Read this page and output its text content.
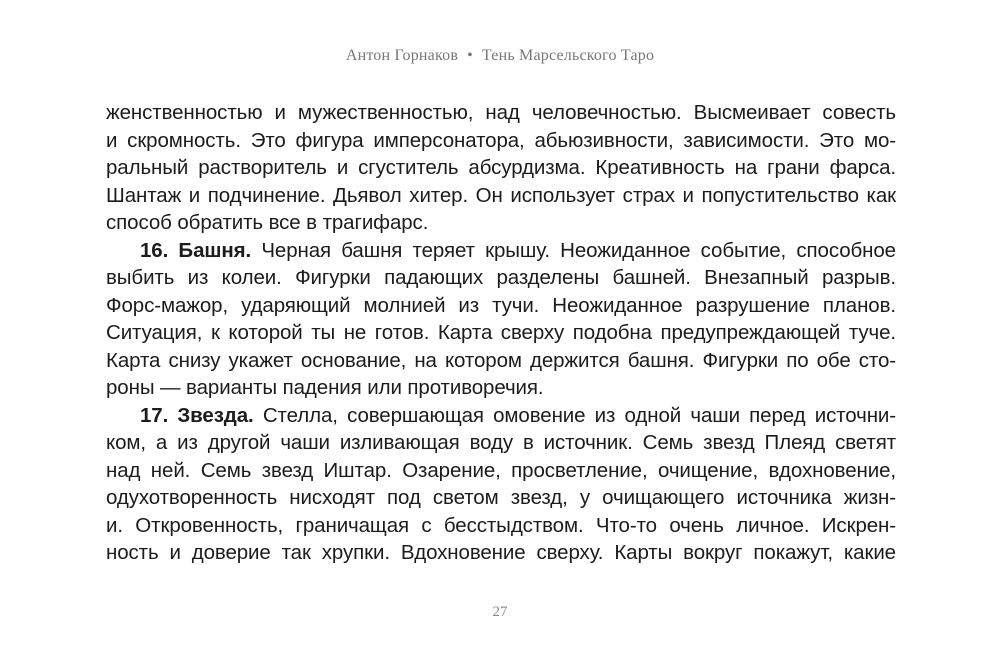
Антон Горнаков • Тень Марсельского Таро
женственностью и мужественностью, над человечностью. Высмеивает совесть
и скромность. Это фигура имперсонатора, абьюзивности, зависимости. Это мо-
ральный растворитель и сгуститель абсурдизма. Креативность на грани фарса.
Шантаж и подчинение. Дьявол хитер. Он использует страх и попустительство как
способ обратить все в трагифарс.
16. Башня. Черная башня теряет крышу. Неожиданное событие, способное
выбить из колеи. Фигурки падающих разделены башней. Внезапный разрыв.
Форс-мажор, ударяющий молнией из тучи. Неожиданное разрушение планов.
Ситуация, к которой ты не готов. Карта сверху подобна предупреждающей туче.
Карта снизу укажет основание, на котором держится башня. Фигурки по обе сто-
роны — варианты падения или противоречия.
17. Звезда. Стелла, совершающая омовение из одной чаши перед источни-
ком, а из другой чаши изливающая воду в источник. Семь звезд Плеяд светят
над ней. Семь звезд Иштар. Озарение, просветление, очищение, вдохновение,
одухотворенность нисходят под светом звезд, у очищающего источника жизн-
и. Откровенность, граничащая с бесстыдством. Что-то очень личное. Искрен-
ность и доверие так хрупки. Вдохновение сверху. Карты вокруг покажут, какие
27
